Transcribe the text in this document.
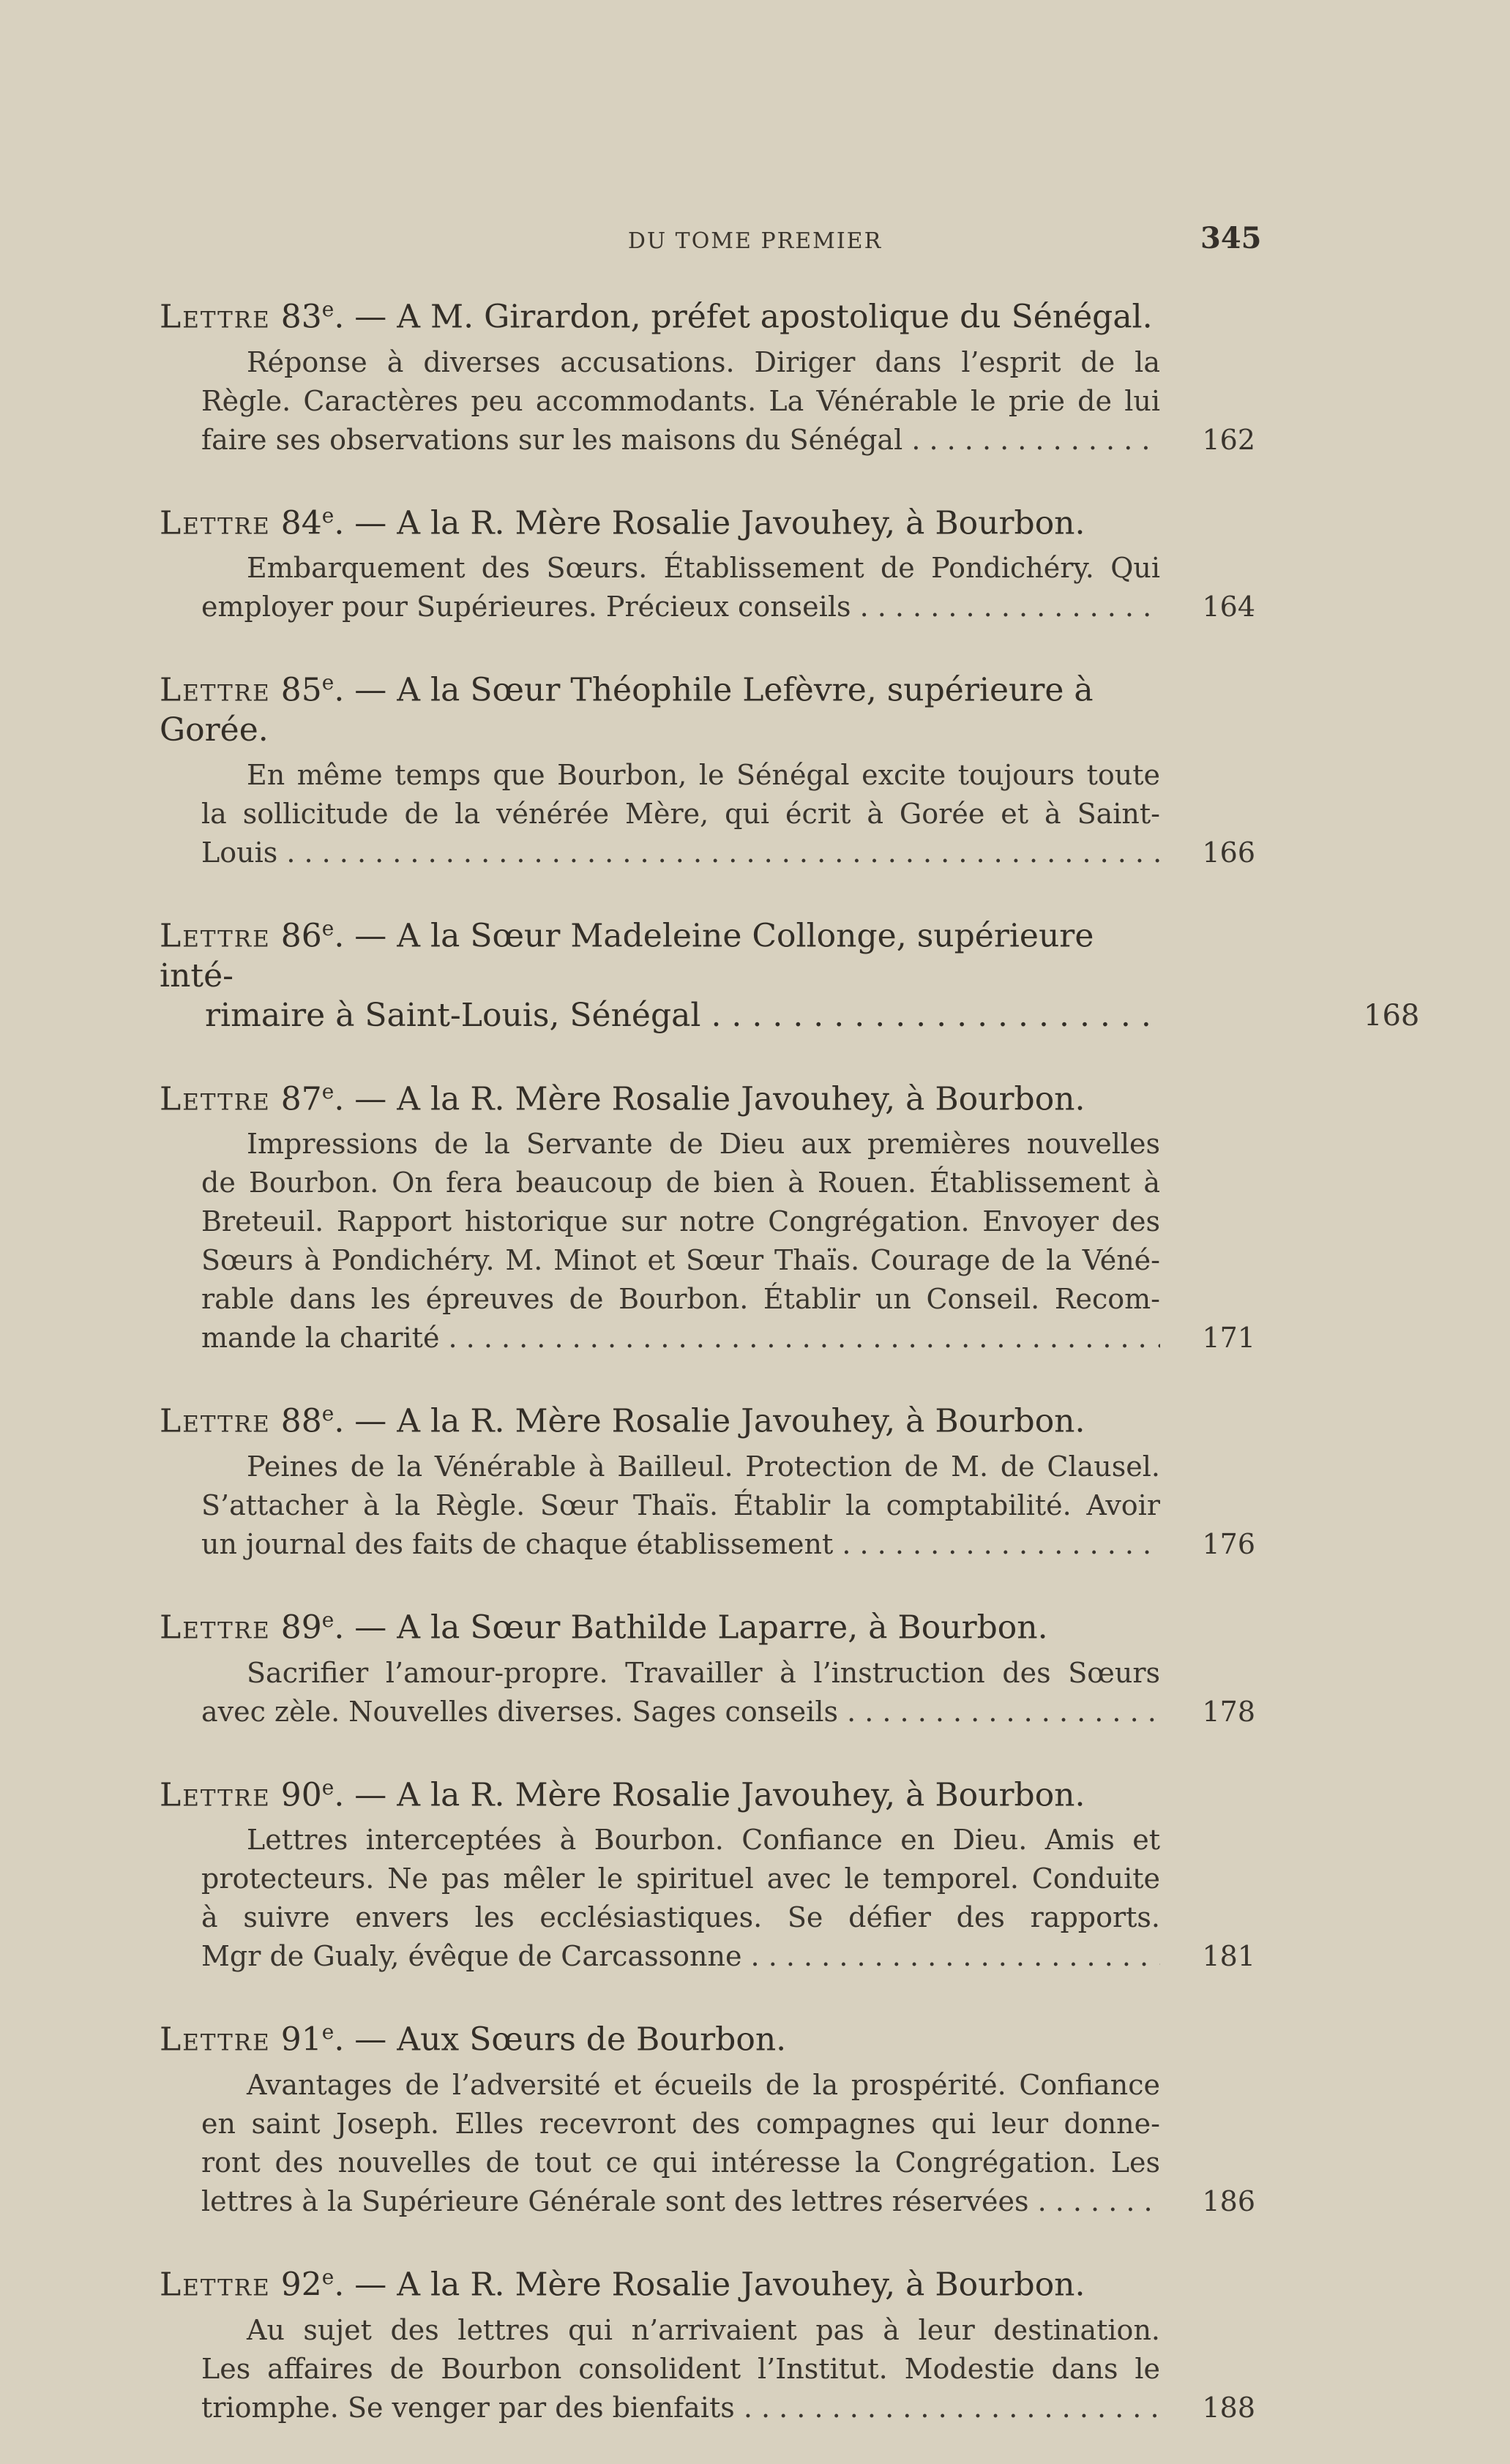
DU TOME PREMIER	345
Lettre 83e. — A M. Girardon, préfet apostolique du Sénégal.
Réponse à diverses accusations. Diriger dans l’esprit de la
Règle. Caractères peu accommodants. La Vénérable le prie de lui
faire ses observations sur les maisons du Sénégal . . .	162
Lettre 84e. — A la R. Mère Rosalie Javouhey, à Bourbon.
Embarquement des Sœurs. Établissement de Pondichéry. Qui
employer pour Supérieures. Précieux conseils . . .	164
Lettre 85e. — A la Sœur Théophile Lefèvre, supérieure à Gorée.
En même temps que Bourbon, le Sénégal excite toujours toute
la sollicitude de la vénérée Mère, qui écrit à Gorée et à Saint-
Louis . . .	166
Lettre 86e. — A la Sœur Madeleine Collonge, supérieure inté-
rimaire à Saint-Louis, Sénégal . . .	168
Lettre 87e. — A la R. Mère Rosalie Javouhey, à Bourbon.
Impressions de la Servante de Dieu aux premières nouvelles
de Bourbon. On fera beaucoup de bien à Rouen. Établissement à
Breteuil. Rapport historique sur notre Congrégation. Envoyer des
Sœurs à Pondichéry. M. Minot et Sœur Thaïs. Courage de la Véné-
rable dans les épreuves de Bourbon. Établir un Conseil. Recom-
mande la charité . . .	171
Lettre 88e. — A la R. Mère Rosalie Javouhey, à Bourbon.
Peines de la Vénérable à Bailleul. Protection de M. de Clausel.
S’attacher à la Règle. Sœur Thaïs. Établir la comptabilité. Avoir
un journal des faits de chaque établissement . . .	176
Lettre 89e. — A la Sœur Bathilde Laparre, à Bourbon.
Sacrifier l’amour-propre. Travailler à l’instruction des Sœurs
avec zèle. Nouvelles diverses. Sages conseils . . .	178
Lettre 90e. — A la R. Mère Rosalie Javouhey, à Bourbon.
Lettres interceptées à Bourbon. Confiance en Dieu. Amis et
protecteurs. Ne pas mêler le spirituel avec le temporel. Conduite
à suivre envers les ecclésiastiques. Se défier des rapports.
Mgr de Gualy, évêque de Carcassonne . . .	181
Lettre 91e. — Aux Sœurs de Bourbon.
Avantages de l’adversité et écueils de la prospérité. Confiance
en saint Joseph. Elles recevront des compagnes qui leur donne-
ront des nouvelles de tout ce qui intéresse la Congrégation. Les
lettres à la Supérieure Générale sont des lettres réservées . . .	186
Lettre 92e. — A la R. Mère Rosalie Javouhey, à Bourbon.
Au sujet des lettres qui n’arrivaient pas à leur destination.
Les affaires de Bourbon consolident l’Institut. Modestie dans le
triomphe. Se venger par des bienfaits . . .	188
